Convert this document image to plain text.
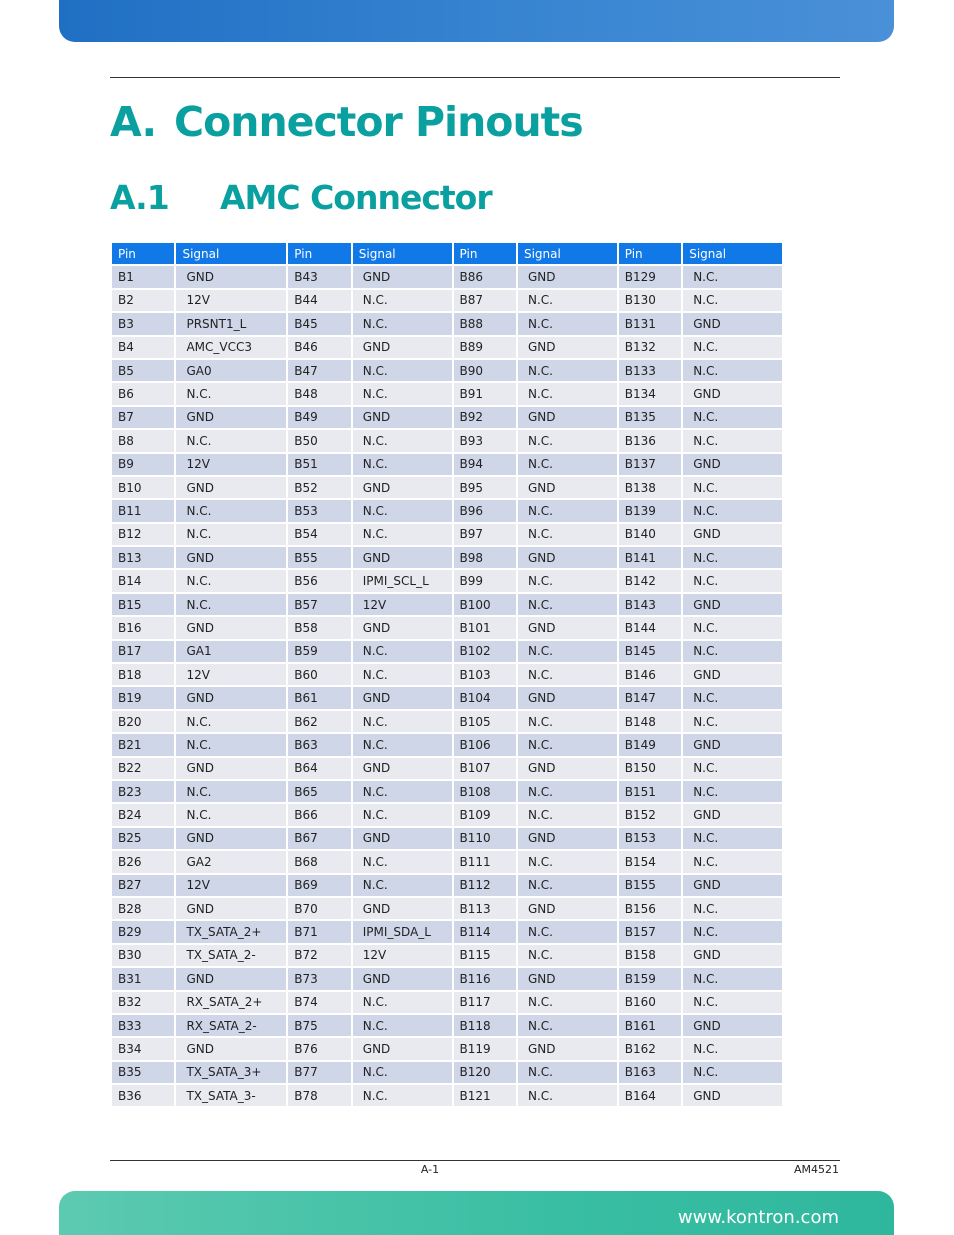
A. Connector Pinouts
A.1 AMC Connector
Pin	Signal	Pin	Signal	Pin	Signal	Pin	Signal
B1	GND	B43	GND	B86	GND	B129	N.C.
B2	12V	B44	N.C.	B87	N.C.	B130	N.C.
B3	PRSNT1_L	B45	N.C.	B88	N.C.	B131	GND
B4	AMC_VCC3	B46	GND	B89	GND	B132	N.C.
B5	GA0	B47	N.C.	B90	N.C.	B133	N.C.
B6	N.C.	B48	N.C.	B91	N.C.	B134	GND
B7	GND	B49	GND	B92	GND	B135	N.C.
B8	N.C.	B50	N.C.	B93	N.C.	B136	N.C.
B9	12V	B51	N.C.	B94	N.C.	B137	GND
B10	GND	B52	GND	B95	GND	B138	N.C.
B11	N.C.	B53	N.C.	B96	N.C.	B139	N.C.
B12	N.C.	B54	N.C.	B97	N.C.	B140	GND
B13	GND	B55	GND	B98	GND	B141	N.C.
B14	N.C.	B56	IPMI_SCL_L	B99	N.C.	B142	N.C.
B15	N.C.	B57	12V	B100	N.C.	B143	GND
B16	GND	B58	GND	B101	GND	B144	N.C.
B17	GA1	B59	N.C.	B102	N.C.	B145	N.C.
B18	12V	B60	N.C.	B103	N.C.	B146	GND
B19	GND	B61	GND	B104	GND	B147	N.C.
B20	N.C.	B62	N.C.	B105	N.C.	B148	N.C.
B21	N.C.	B63	N.C.	B106	N.C.	B149	GND
B22	GND	B64	GND	B107	GND	B150	N.C.
B23	N.C.	B65	N.C.	B108	N.C.	B151	N.C.
B24	N.C.	B66	N.C.	B109	N.C.	B152	GND
B25	GND	B67	GND	B110	GND	B153	N.C.
B26	GA2	B68	N.C.	B111	N.C.	B154	N.C.
B27	12V	B69	N.C.	B112	N.C.	B155	GND
B28	GND	B70	GND	B113	GND	B156	N.C.
B29	TX_SATA_2+	B71	IPMI_SDA_L	B114	N.C.	B157	N.C.
B30	TX_SATA_2-	B72	12V	B115	N.C.	B158	GND
B31	GND	B73	GND	B116	GND	B159	N.C.
B32	RX_SATA_2+	B74	N.C.	B117	N.C.	B160	N.C.
B33	RX_SATA_2-	B75	N.C.	B118	N.C.	B161	GND
B34	GND	B76	GND	B119	GND	B162	N.C.
B35	TX_SATA_3+	B77	N.C.	B120	N.C.	B163	N.C.
B36	TX_SATA_3-	B78	N.C.	B121	N.C.	B164	GND
A-1	AM4521
www.kontron.com
